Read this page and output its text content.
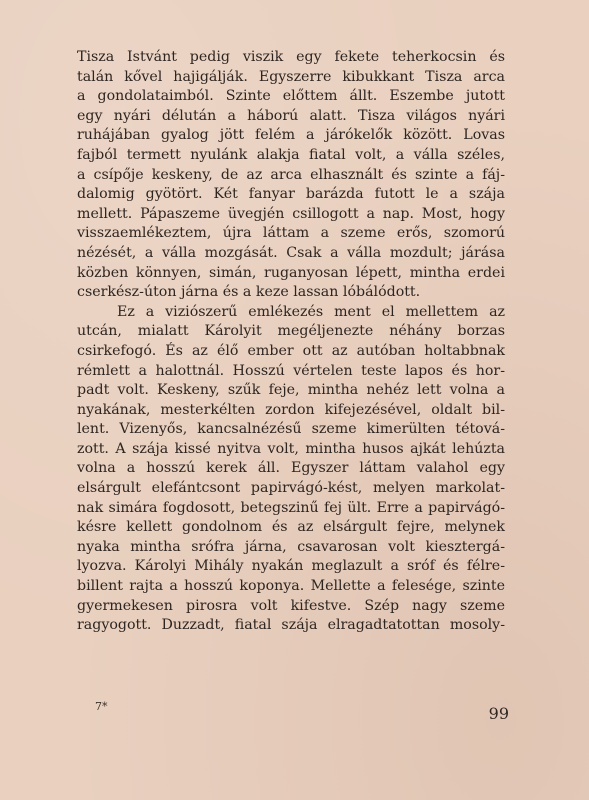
Tisza Istvánt pedig viszik egy fekete teherkocsin és
talán kővel hajigálják. Egyszerre kibukkant Tisza arca
a gondolataimból. Szinte előttem állt. Eszembe jutott
egy nyári délután a háború alatt. Tisza világos nyári
ruhájában gyalog jött felém a járókelők között. Lovas
fajból termett nyulánk alakja fiatal volt, a válla széles,
a csípője keskeny, de az arca elhasznált és szinte a fáj-
dalomig gyötört. Két fanyar barázda futott le a szája
mellett. Pápaszeme üvegjén csillogott a nap. Most, hogy
visszaemlékeztem, újra láttam a szeme erős, szomorú
nézését, a válla mozgását. Csak a válla mozdult; járása
közben könnyen, simán, ruganyosan lépett, mintha erdei
cserkész-úton járna és a keze lassan lóbálódott.
Ez a viziószerű emlékezés ment el mellettem az
utcán, mialatt Károlyit megéljenezte néhány borzas
csirkefogó. És az élő ember ott az autóban holtabbnak
rémlett a halottnál. Hosszú vértelen teste lapos és hor-
padt volt. Keskeny, szűk feje, mintha nehéz lett volna a
nyakának, mesterkélten zordon kifejezésével, oldalt bil-
lent. Vizenyős, kancsalnézésű szeme kimerülten tétová-
zott. A szája kissé nyitva volt, mintha husos ajkát lehúzta
volna a hosszú kerek áll. Egyszer láttam valahol egy
elsárgult elefántcsont papirvágó-kést, melyen markolat-
nak simára fogdosott, betegszinű fej ült. Erre a papirvágó-
késre kellett gondolnom és az elsárgult fejre, melynek
nyaka mintha srófra járna, csavarosan volt kiesztergá-
lyozva. Károlyi Mihály nyakán meglazult a sróf és félre-
billent rajta a hosszú koponya. Mellette a felesége, szinte
gyermekesen pirosra volt kifestve. Szép nagy szeme
ragyogott. Duzzadt, fiatal szája elragadtatottan mosoly-
7*	99
